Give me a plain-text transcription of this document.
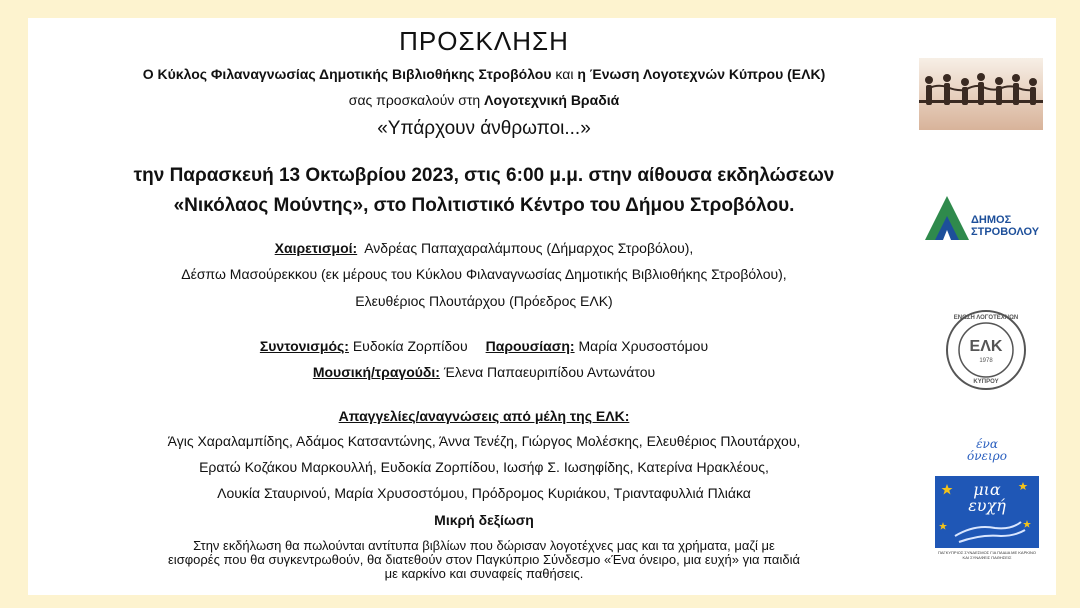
ΠΡΟΣΚΛΗΣΗ
Ο Κύκλος Φιλαναγνωσίας Δημοτικής Βιβλιοθήκης Στροβόλου και η Ένωση Λογοτεχνών Κύπρου (ΕΛΚ)
σας προσκαλούν στη Λογοτεχνική Βραδιά
«Υπάρχουν άνθρωποι...»
την Παρασκευή 13 Οκτωβρίου 2023, στις 6:00 μ.μ. στην αίθουσα εκδηλώσεων
«Νικόλαος Μούντης», στο Πολιτιστικό Κέντρο του Δήμου Στροβόλου.
Χαιρετισμοί: Ανδρέας Παπαχαραλάμπους (Δήμαρχος Στροβόλου),
Δέσπω Μασούρεκκου (εκ μέρους του Κύκλου Φιλαναγνωσίας Δημοτικής Βιβλιοθήκης Στροβόλου),
Ελευθέριος Πλουτάρχου (Πρόεδρος ΕΛΚ)
Συντονισμός: Ευδοκία Ζορπίδου Παρουσίαση: Μαρία Χρυσοστόμου
Μουσική/τραγούδι: Έλενα Παπαευριπίδου Αντωνάτου
Απαγγελίες/αναγνώσεις από μέλη της ΕΛΚ:
Άγις Χαραλαμπίδης, Αδάμος Κατσαντώνης, Άννα Τενέζη, Γιώργος Μολέσκης, Ελευθέριος Πλουτάρχου,
Ερατώ Κοζάκου Μαρκουλλή, Ευδοκία Ζορπίδου, Ιωσήφ Σ. Ιωσηφίδης, Κατερίνα Ηρακλέους,
Λουκία Σταυρινού, Μαρία Χρυσοστόμου, Πρόδρομος Κυριάκου, Τριανταφυλλιά Πλιάκα
Μικρή δεξίωση
Στην εκδήλωση θα πωλούνται αντίτυπα βιβλίων που δώρισαν λογοτέχνες μας και τα χρήματα, μαζί με
εισφορές που θα συγκεντρωθούν, θα διατεθούν στον Παγκύπριο Σύνδεσμο «Ένα όνειρο, μια ευχή» για παιδιά
με καρκίνο και συναφείς παθήσεις.
ΔΗΜΟΣ
ΣΤΡΟΒΟΛΟΥ
ΕΝΩΣΗ ΛΟΓΟΤΕΧΝΩΝ
ΕΛΚ
1978
ΚΥΠΡΟΥ
ένα
όνειρο
μια
ευχή
ΠΑΓΚΥΠΡΙΟΣ ΣΥΝΔΕΣΜΟΣ ΓΙΑ ΠΑΙΔΙΑ ΜΕ ΚΑΡΚΙΝΟ ΚΑΙ ΣΥΝΑΦΕΙΣ ΠΑΘΗΣΕΙΣ
